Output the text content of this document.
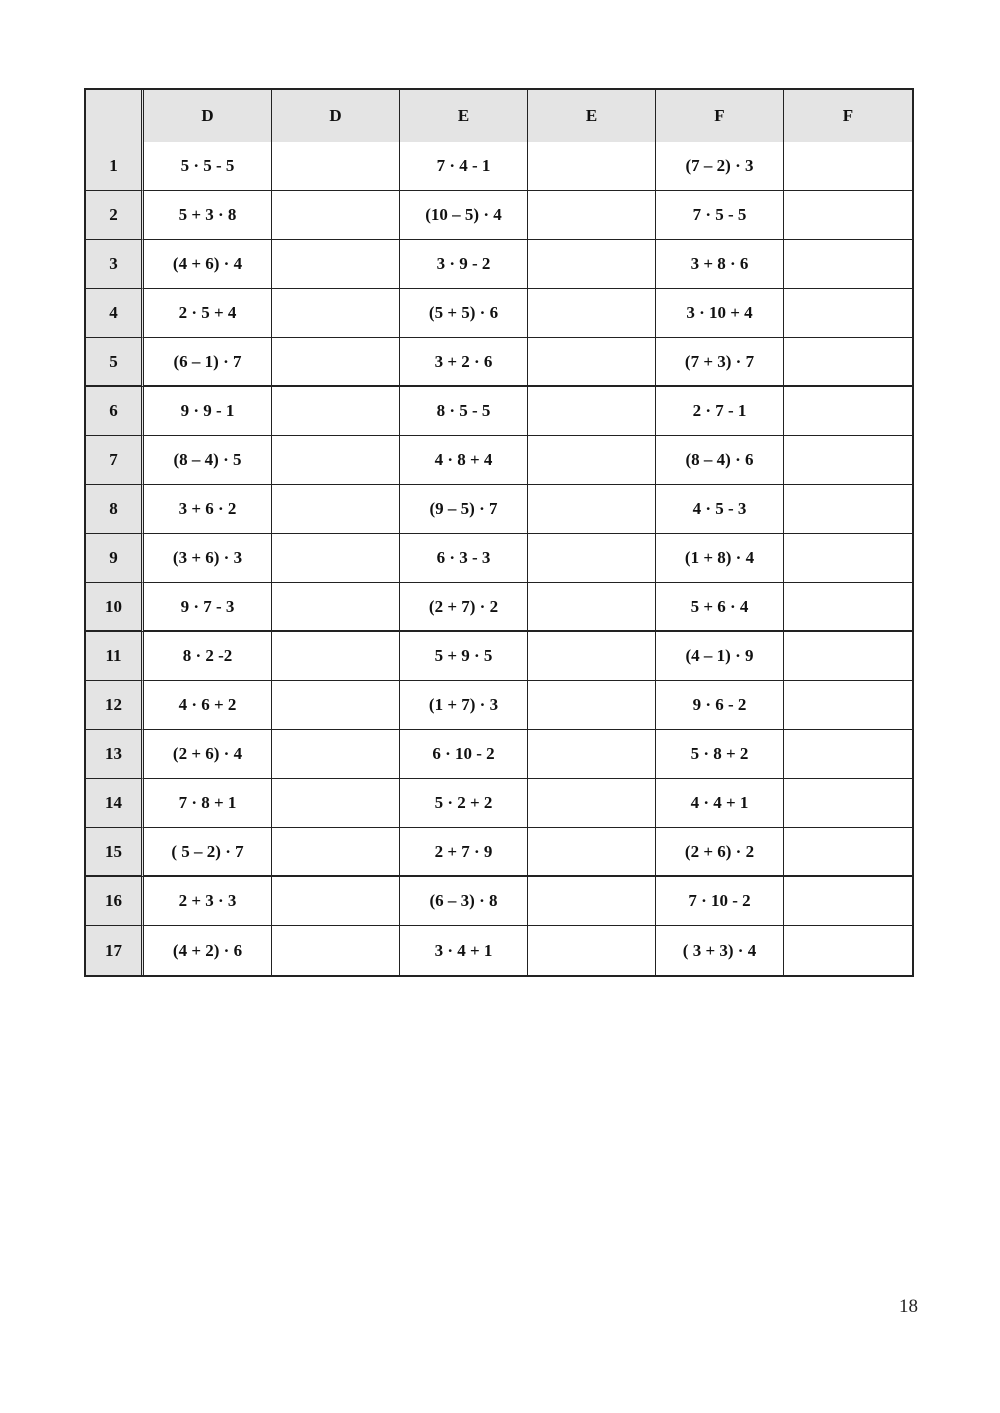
	D	D	E	E	F	F
1	5 · 5 - 5		7 · 4 - 1		(7 – 2) · 3	
2	5 + 3 · 8		(10 – 5) · 4		7 · 5 - 5	
3	(4 + 6) · 4		3 · 9 - 2		3 + 8 · 6	
4	2 · 5 + 4		(5 + 5) · 6		3 · 10 + 4	
5	(6 – 1) · 7		3 + 2 · 6		(7 + 3) · 7	
6	9 · 9 - 1		8 · 5 - 5		2 · 7 - 1	
7	(8 – 4) · 5		4 · 8 + 4		(8 – 4) · 6	
8	3 + 6 · 2		(9 – 5) · 7		4 · 5 - 3	
9	(3 + 6) · 3		6 · 3 - 3		(1 + 8) · 4	
10	9 · 7 - 3		(2 + 7) · 2		5 + 6 · 4	
11	8 · 2 -2		5 + 9 · 5		(4 – 1) · 9	
12	4 · 6 + 2		(1 + 7) · 3		9 · 6 - 2	
13	(2 + 6) · 4		6 · 10 - 2		5 · 8 + 2	
14	7 · 8 + 1		5 · 2 + 2		4 · 4 + 1	
15	( 5 – 2) · 7		2 + 7 · 9		(2 + 6) · 2	
16	2 + 3 · 3		(6 – 3) · 8		7 · 10 - 2	
17	(4 + 2) · 6		3 · 4 + 1		( 3 + 3) · 4	
18
